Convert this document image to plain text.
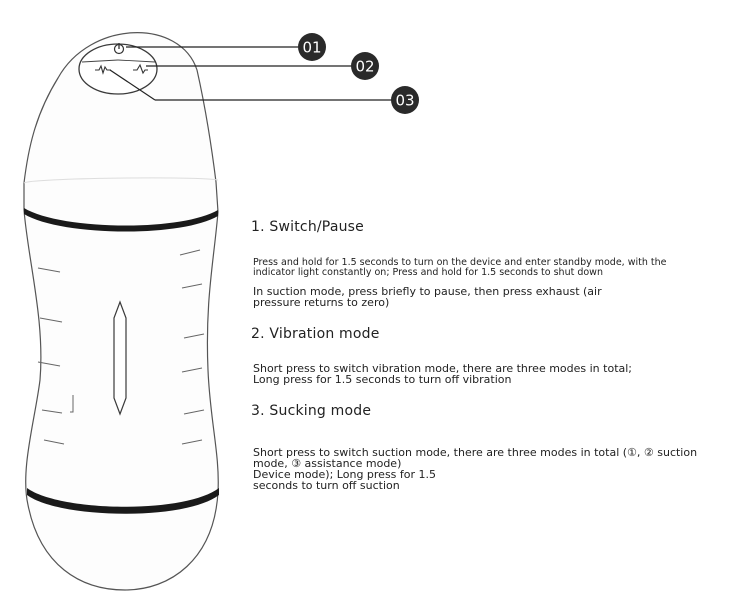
01
02
03
1. Switch/Pause
Press and hold for 1.5 seconds to turn on the device and enter standby mode, with the
indicator light constantly on; Press and hold for 1.5 seconds to shut down
In suction mode, press briefly to pause, then press exhaust (air
pressure returns to zero)
2. Vibration mode
Short press to switch vibration mode, there are three modes in total;
Long press for 1.5 seconds to turn off vibration
3. Sucking mode
Short press to switch suction mode, there are three modes in total (①, ② suction
mode, ③ assistance mode)
Device mode); Long press for 1.5
seconds to turn off suction
